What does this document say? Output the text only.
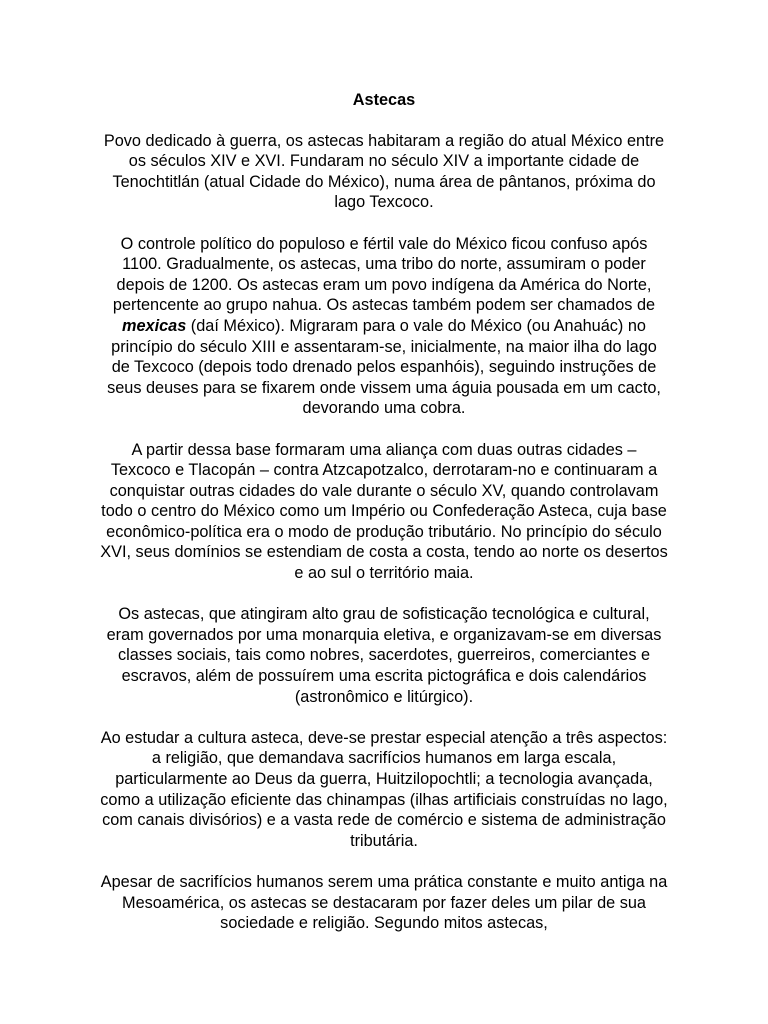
Astecas

Povo dedicado à guerra, os astecas habitaram a região do atual México entre os séculos XIV e XVI. Fundaram no século XIV a importante cidade de Tenochtitlán (atual Cidade do México), numa área de pântanos, próxima do lago Texcoco.

O controle político do populoso e fértil vale do México ficou confuso após 1100. Gradualmente, os astecas, uma tribo do norte, assumiram o poder depois de 1200. Os astecas eram um povo indígena da América do Norte, pertencente ao grupo nahua. Os astecas também podem ser chamados de mexicas (daí México). Migraram para o vale do México (ou Anahuác) no princípio do século XIII e assentaram-se, inicialmente, na maior ilha do lago de Texcoco (depois todo drenado pelos espanhóis), seguindo instruções de seus deuses para se fixarem onde vissem uma águia pousada em um cacto, devorando uma cobra.

A partir dessa base formaram uma aliança com duas outras cidades – Texcoco e Tlacopán – contra Atzcapotzalco, derrotaram-no e continuaram a conquistar outras cidades do vale durante o século XV, quando controlavam todo o centro do México como um Império ou Confederação Asteca, cuja base econômico-política era o modo de produção tributário. No princípio do século XVI, seus domínios se estendiam de costa a costa, tendo ao norte os desertos e ao sul o território maia.

Os astecas, que atingiram alto grau de sofisticação tecnológica e cultural, eram governados por uma monarquia eletiva, e organizavam-se em diversas classes sociais, tais como nobres, sacerdotes, guerreiros, comerciantes e escravos, além de possuírem uma escrita pictográfica e dois calendários (astronômico e litúrgico).

Ao estudar a cultura asteca, deve-se prestar especial atenção a três aspectos: a religião, que demandava sacrifícios humanos em larga escala, particularmente ao Deus da guerra, Huitzilopochtli; a tecnologia avançada, como a utilização eficiente das chinampas (ilhas artificiais construídas no lago, com canais divisórios) e a vasta rede de comércio e sistema de administração tributária.

Apesar de sacrifícios humanos serem uma prática constante e muito antiga na Mesoamérica, os astecas se destacaram por fazer deles um pilar de sua sociedade e religião. Segundo mitos astecas,
